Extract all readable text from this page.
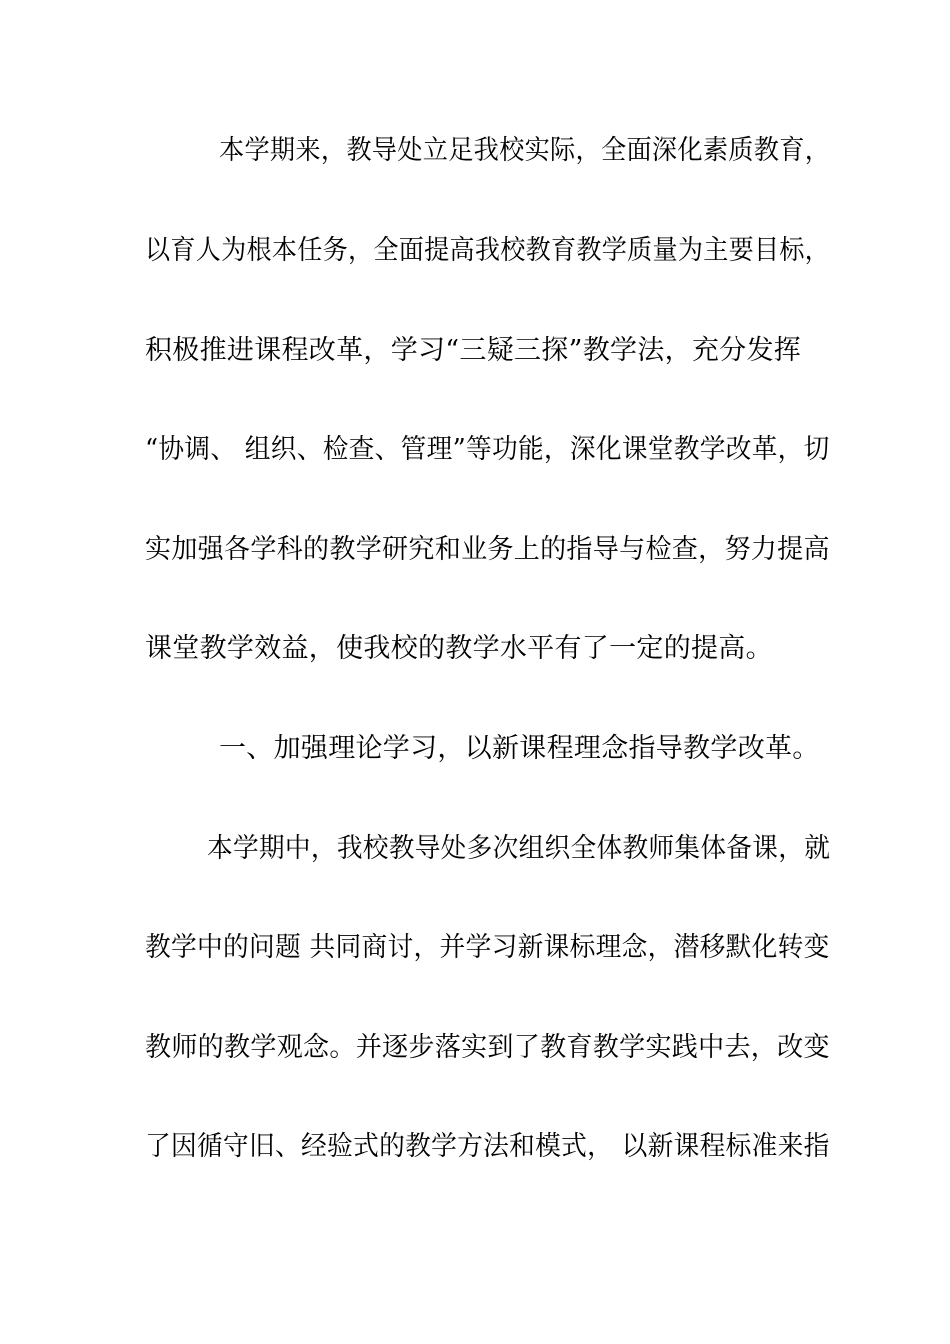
本学期来，教导处立足我校实际，全面深化素质教育，
以育人为根本任务，全面提高我校教育教学质量为主要目标，
积极推进课程改革，学习“三疑三探”教学法，充分发挥
“协调、 组织、检查、管理”等功能，深化课堂教学改革，切
实加强各学科的教学研究和业务上的指导与检查，努力提高
课堂教学效益，使我校的教学水平有了一定的提高。
一、加强理论学习，以新课程理念指导教学改革。
本学期中，我校教导处多次组织全体教师集体备课，就
教学中的问题 共同商讨，并学习新课标理念，潜移默化转变
教师的教学观念。并逐步落实到了教育教学实践中去，改变
了因循守旧、经验式的教学方法和模式， 以新课程标准来指
